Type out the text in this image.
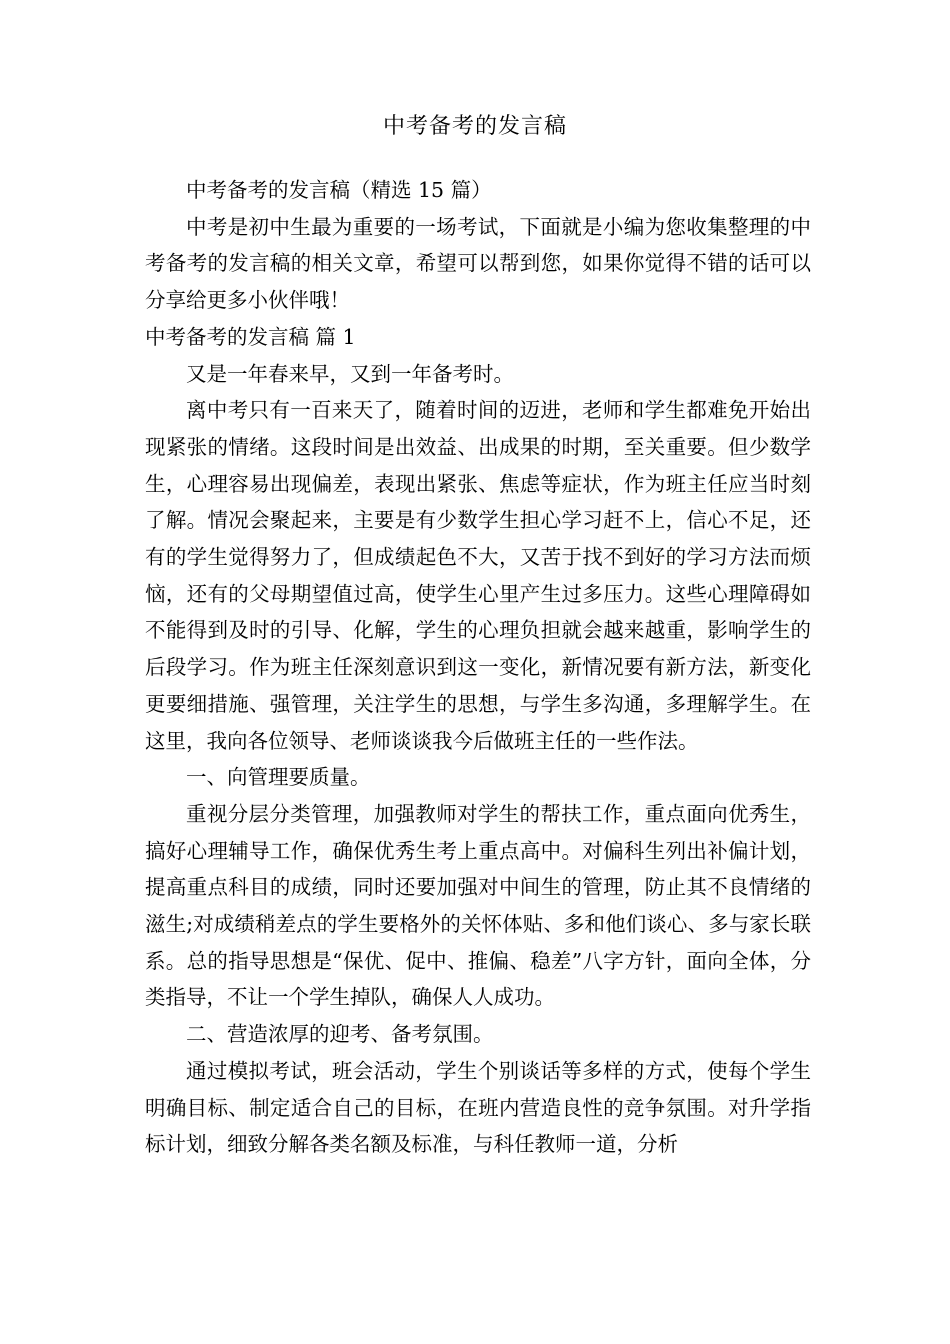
中考备考的发言稿

中考备考的发言稿（精选 15 篇）

中考是初中生最为重要的一场考试，下面就是小编为您收集整理的中考备考的发言稿的相关文章，希望可以帮到您，如果你觉得不错的话可以分享给更多小伙伴哦！

中考备考的发言稿 篇 1

又是一年春来早，又到一年备考时。

离中考只有一百来天了，随着时间的迈进，老师和学生都难免开始出现紧张的情绪。这段时间是出效益、出成果的时期，至关重要。但少数学生，心理容易出现偏差，表现出紧张、焦虑等症状，作为班主任应当时刻了解。情况会聚起来，主要是有少数学生担心学习赶不上，信心不足，还有的学生觉得努力了，但成绩起色不大，又苦于找不到好的学习方法而烦恼，还有的父母期望值过高，使学生心里产生过多压力。这些心理障碍如不能得到及时的引导、化解，学生的心理负担就会越来越重，影响学生的后段学习。作为班主任深刻意识到这一变化，新情况要有新方法，新变化更要细措施、强管理，关注学生的思想，与学生多沟通，多理解学生。在这里，我向各位领导、老师谈谈我今后做班主任的一些作法。

一、向管理要质量。

重视分层分类管理，加强教师对学生的帮扶工作，重点面向优秀生，搞好心理辅导工作，确保优秀生考上重点高中。对偏科生列出补偏计划，提高重点科目的成绩，同时还要加强对中间生的管理，防止其不良情绪的滋生;对成绩稍差点的学生要格外的关怀体贴、多和他们谈心、多与家长联系。总的指导思想是“保优、促中、推偏、稳差”八字方针，面向全体，分类指导，不让一个学生掉队，确保人人成功。

二、营造浓厚的迎考、备考氛围。

通过模拟考试，班会活动，学生个别谈话等多样的方式，使每个学生明确目标、制定适合自己的目标，在班内营造良性的竞争氛围。对升学指标计划，细致分解各类名额及标准，与科任教师一道，分析
